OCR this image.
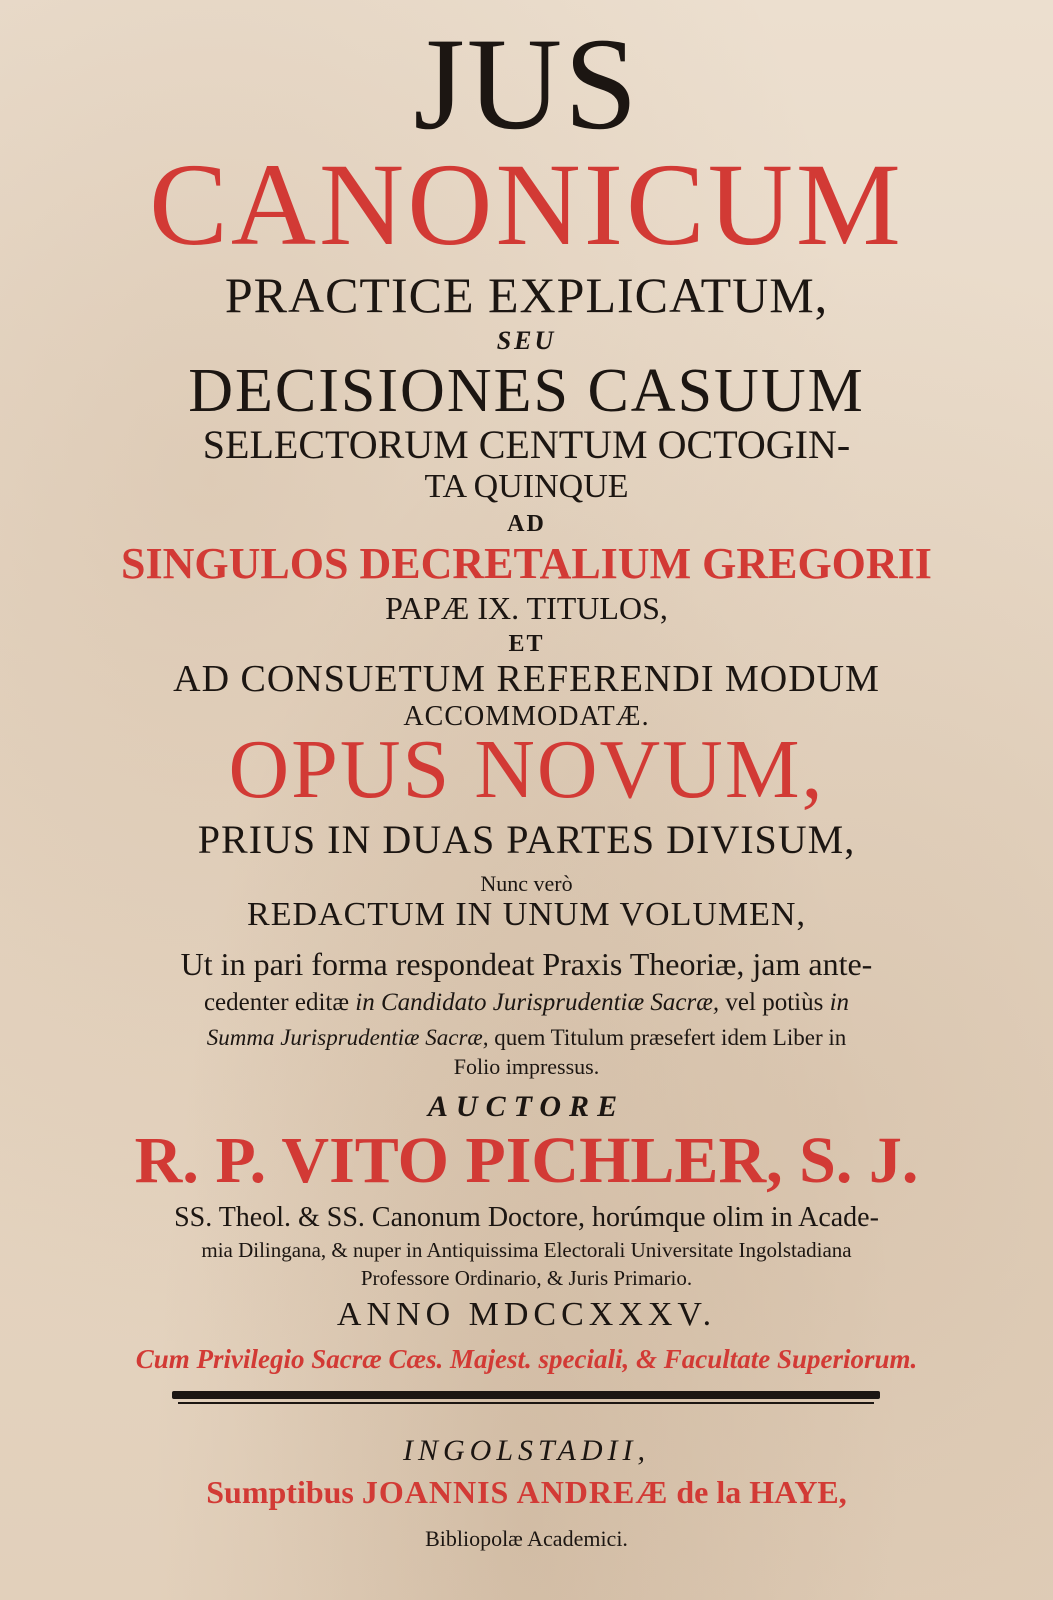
JUS

CANONICUM

PRACTICE EXPLICATUM,

SEU

DECISIONES CASUUM

SELECTORUM CENTUM OCTOGIN-

TA QUINQUE

AD

SINGULOS DECRETALIUM GREGORII

PAPÆ IX. TITULOS,

ET

AD CONSUETUM REFERENDI MODUM

ACCOMMODATÆ.

OPUS NOVUM,

PRIUS IN DUAS PARTES DIVISUM,

Nunc verò

REDACTUM IN UNUM VOLUMEN,

Ut in pari forma respondeat Praxis Theoriæ, jam ante-

cedenter editæ in Candidato Jurisprudentiæ Sacræ, vel potiùs in

Summa Jurisprudentiæ Sacræ, quem Titulum præsefert idem Liber in

Folio impressus.

AUCTORE

R. P. VITO PICHLER, S. J.

SS. Theol. & SS. Canonum Doctore, horúmque olim in Acade-

mia Dilingana, & nuper in Antiquissima Electorali Universitate Ingolstadiana

Professore Ordinario, & Juris Primario.

ANNO MDCCXXXV.

Cum Privilegio Sacræ Cæs. Majest. speciali, & Facultate Superiorum.

INGOLSTADII,

Sumptibus JOANNIS ANDREÆ de la HAYE,

Bibliopolæ Academici.
